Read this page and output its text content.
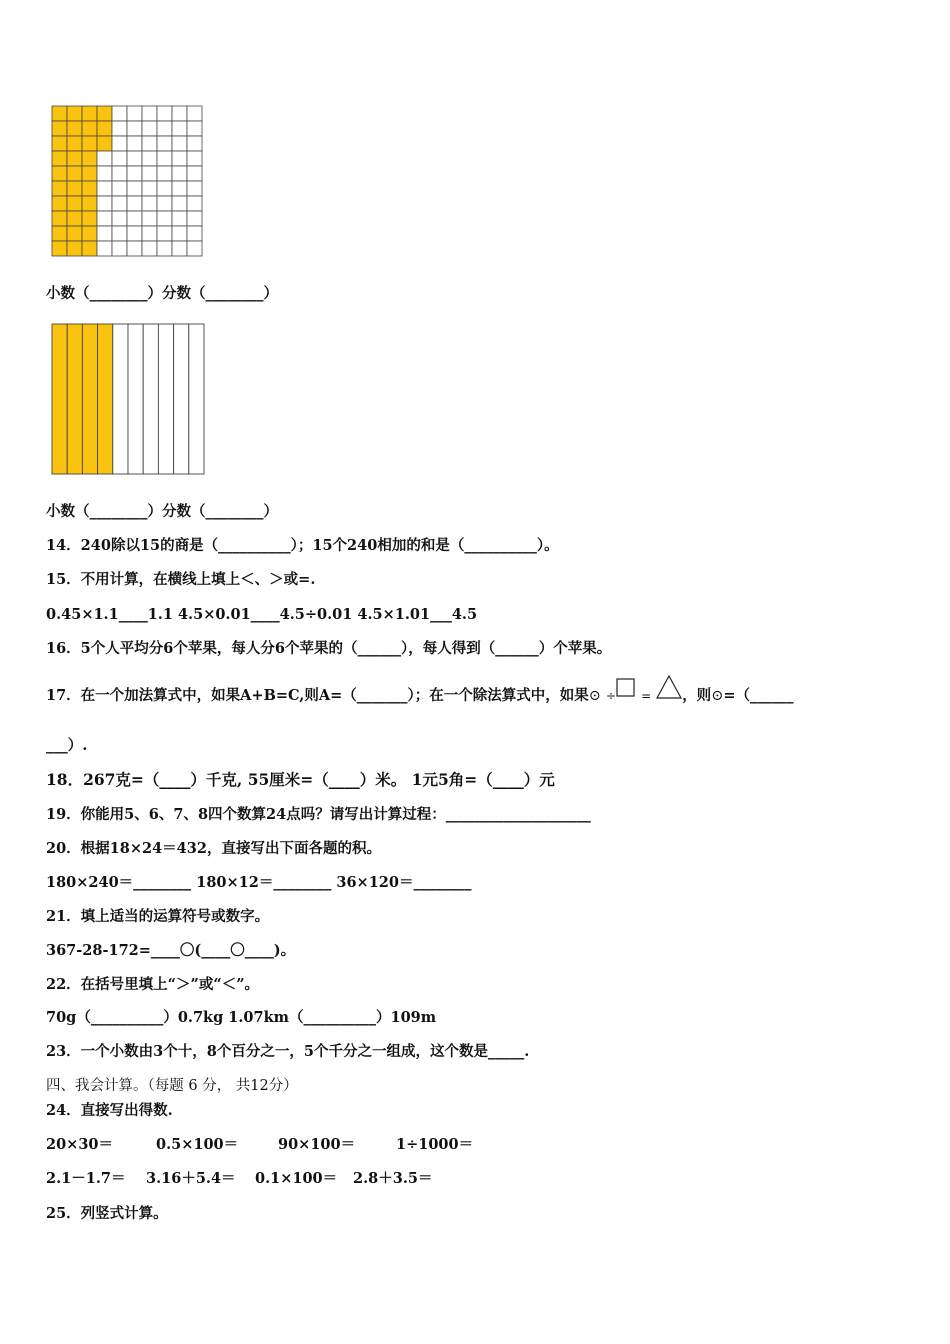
小数（________）分数（________）
小数（________）分数（________）
14．240除以15的商是（__________）；15个240相加的和是（__________）。
15．不用计算，在横线上填上＜、＞或=.
0.45×1.1____1.1 4.5×0.01____4.5÷0.01 4.5×1.01___4.5
16．5个人平均分6个苹果，每人分6个苹果的（______），每人得到（______）个苹果。
17．在一个加法算式中，如果A+B=C,则A=（_______）；在一个除法算式中，如果⊙ ÷ = ，则⊙=（______
___）.
18．267克=（____）千克, 55厘米=（____）米。 1元5角=（____）元
19．你能用5、6、7、8四个数算24点吗？请写出计算过程：____________________
20．根据18×24＝432，直接写出下面各题的积。
180×240＝________ 180×12＝________ 36×120＝________
21．填上适当的运算符号或数字。
367-28-172=____〇(____〇____)。
22．在括号里填上“＞”或“＜”。
70g（__________）0.7kg 1.07km（__________）109m
23．一个小数由3个十，8个百分之一，5个千分之一组成，这个数是_____.
四、我会计算。（每题 6 分， 共12分）
24．直接写出得数.
20×30＝	0.5×100＝	90×100＝	1÷1000＝
2.1－1.7＝ 3.16＋5.4＝ 0.1×100＝ 2.8＋3.5＝
25．列竖式计算。
